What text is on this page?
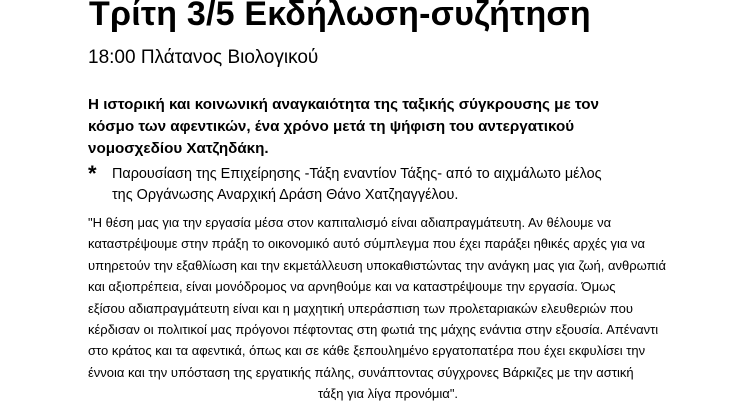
Τρίτη 3/5 Εκδήλωση-συζήτηση
18:00 Πλάτανος Βιολογικού
Η ιστορική και κοινωνική αναγκαιότητα της ταξικής σύγκρουσης με τον
κόσμο των αφεντικών, ένα χρόνο μετά τη ψήφιση του αντεργατικού
νομοσχεδίου Χατζηδάκη.
*	Παρουσίαση της Επιχείρησης -Τάξη εναντίον Τάξης- από το αιχμάλωτο μέλος
της Οργάνωσης Αναρχική Δράση Θάνο Χατζηαγγέλου.
"Η θέση μας για την εργασία μέσα στον καπιταλισμό είναι αδιαπραγμάτευτη. Αν θέλουμε να
καταστρέψουμε στην πράξη το οικονομικό αυτό σύμπλεγμα που έχει παράξει ηθικές αρχές για να
υπηρετούν την εξαθλίωση και την εκμετάλλευση υποκαθιστώντας την ανάγκη μας για ζωή, ανθρωπιά
και αξιοπρέπεια, είναι μονόδρομος να αρνηθούμε και να καταστρέψουμε την εργασία. Όμως
εξίσου αδιαπραγμάτευτη είναι και η μαχητική υπεράσπιση των προλεταριακών ελευθεριών που
κέρδισαν οι πολιτικοί μας πρόγονοι πέφτοντας στη φωτιά της μάχης ενάντια στην εξουσία. Απέναντι
στο κράτος και τα αφεντικά, όπως και σε κάθε ξεπουλημένο εργατοπατέρα που έχει εκφυλίσει την
έννοια και την υπόσταση της εργατικής πάλης, συνάπτοντας σύγχρονες Βάρκιζες με την αστική
τάξη για λίγα προνόμια".
